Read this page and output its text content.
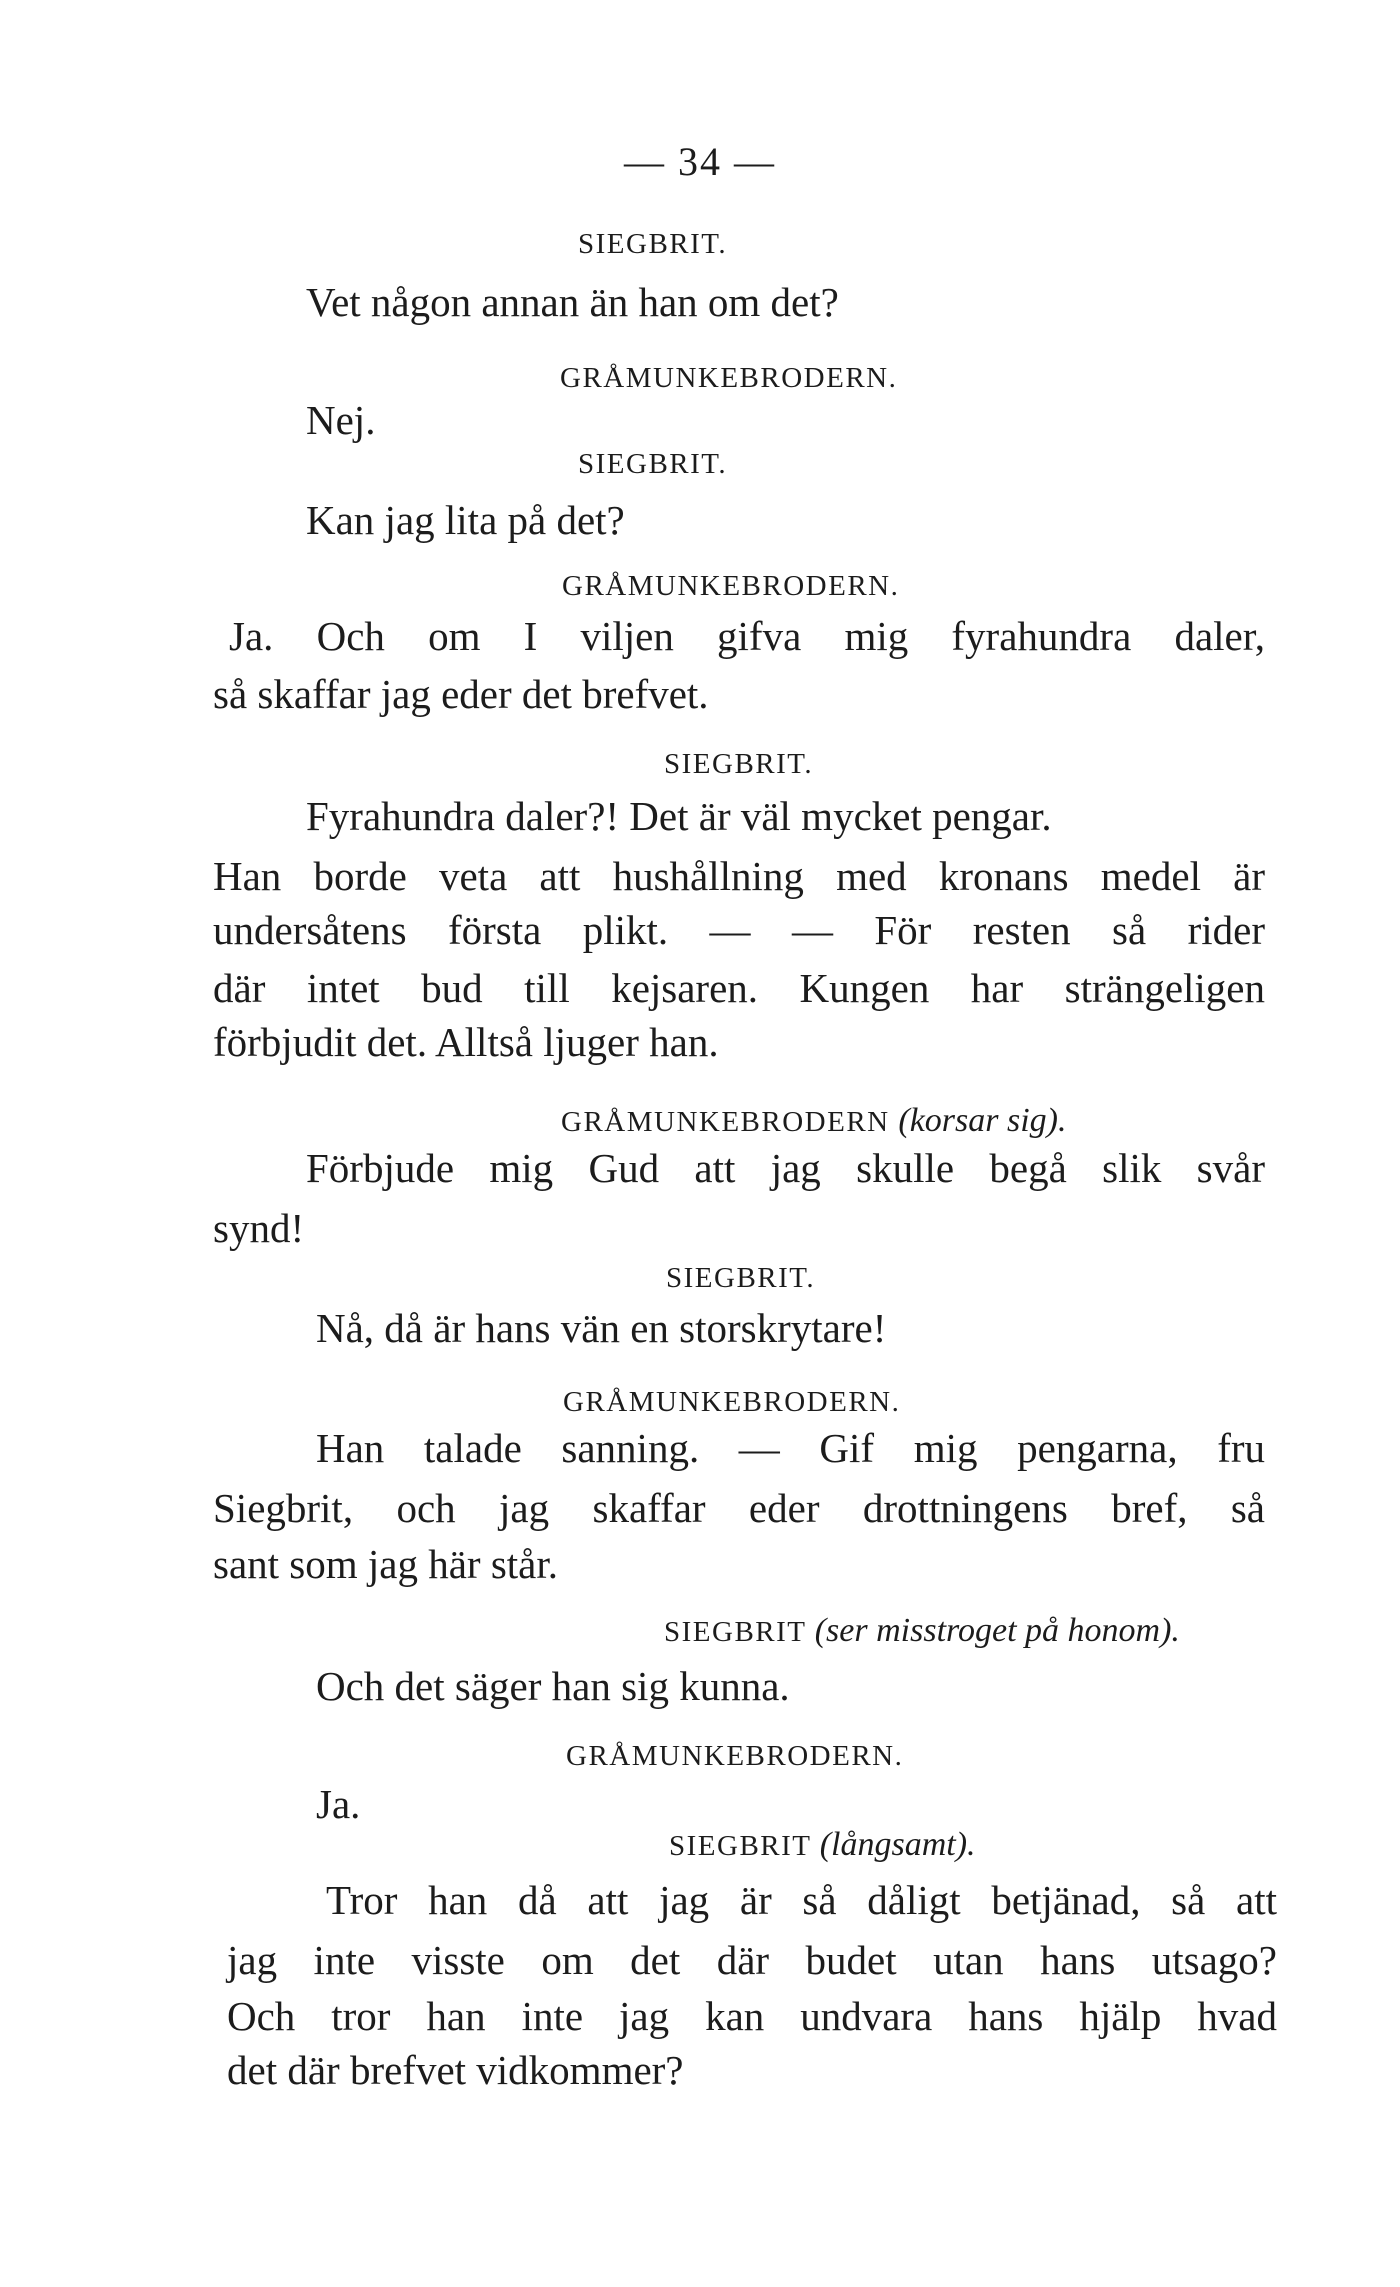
— 34 —
SIEGBRIT.
Vet någon annan än han om det?
GRÅMUNKEBRODERN.
Nej.
SIEGBRIT.
Kan jag lita på det?
GRÅMUNKEBRODERN.
Ja. Och om I viljen gifva mig fyrahundra daler,
så skaffar jag eder det brefvet.
SIEGBRIT.
Fyrahundra daler?! Det är väl mycket pengar.
Han borde veta att hushållning med kronans medel är
undersåtens första plikt. — — För resten så rider
där intet bud till kejsaren. Kungen har strängeligen
förbjudit det. Alltså ljuger han.
GRÅMUNKEBRODERN (korsar sig).
Förbjude mig Gud att jag skulle begå slik svår
synd!
SIEGBRIT.
Nå, då är hans vän en storskrytare!
GRÅMUNKEBRODERN.
Han talade sanning. — Gif mig pengarna, fru
Siegbrit, och jag skaffar eder drottningens bref, så
sant som jag här står.
SIEGBRIT (ser misstroget på honom).
Och det säger han sig kunna.
GRÅMUNKEBRODERN.
Ja.
SIEGBRIT (långsamt).
Tror han då att jag är så dåligt betjänad, så att
jag inte visste om det där budet utan hans utsago?
Och tror han inte jag kan undvara hans hjälp hvad
det där brefvet vidkommer?
